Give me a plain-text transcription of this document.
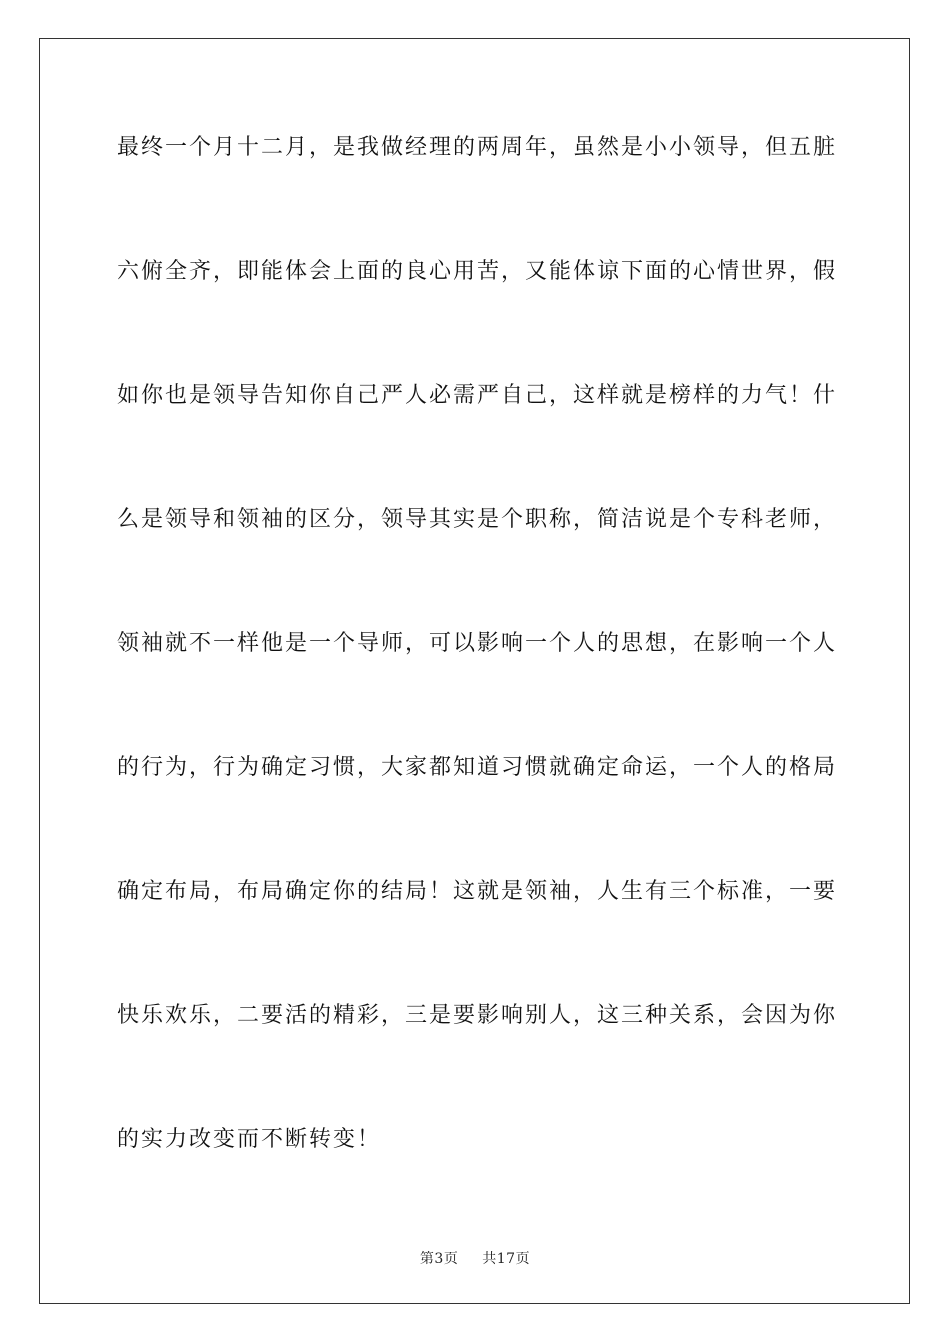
最终一个月十二月，是我做经理的两周年，虽然是小小领导，但五脏
六俯全齐，即能体会上面的良心用苦，又能体谅下面的心情世界，假
如你也是领导告知你自己严人必需严自己，这样就是榜样的力气！什
么是领导和领袖的区分，领导其实是个职称，简洁说是个专科老师，
领袖就不一样他是一个导师，可以影响一个人的思想，在影响一个人
的行为，行为确定习惯，大家都知道习惯就确定命运，一个人的格局
确定布局，布局确定你的结局！这就是领袖，人生有三个标准，一要
快乐欢乐，二要活的精彩，三是要影响别人，这三种关系，会因为你
的实力改变而不断转变！
第3页 共17页
